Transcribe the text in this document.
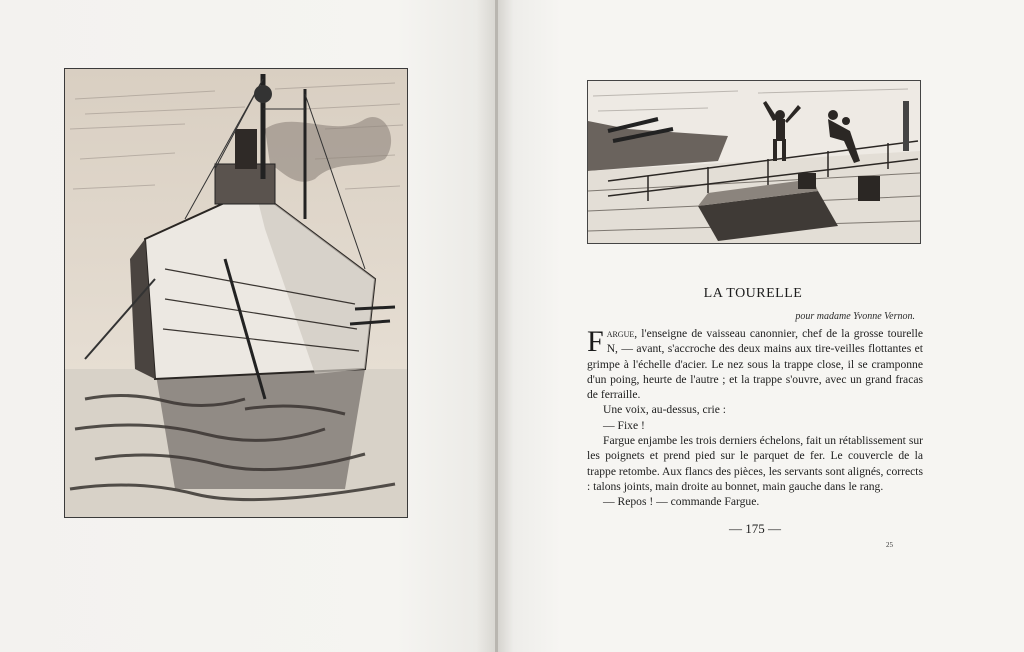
LA TOURELLE
pour madame Yvonne Vernon.

Fargue, l'enseigne de vaisseau canonnier, chef de la grosse tourelle N, — avant, s'accroche des deux mains aux tire-veilles flottantes et grimpe à l'échelle d'acier. Le nez sous la trappe close, il se cramponne d'un poing, heurte de l'autre ; et la trappe s'ouvre, avec un grand fracas de ferraille.

Une voix, au-dessus, crie :

— Fixe !

Fargue enjambe les trois derniers échelons, fait un rétablissement sur les poignets et prend pied sur le parquet de fer. Le couvercle de la trappe retombe. Aux flancs des pièces, les servants sont alignés, corrects : talons joints, main droite au bonnet, main gauche dans le rang.

— Repos ! — commande Fargue.

— 175 —
25
